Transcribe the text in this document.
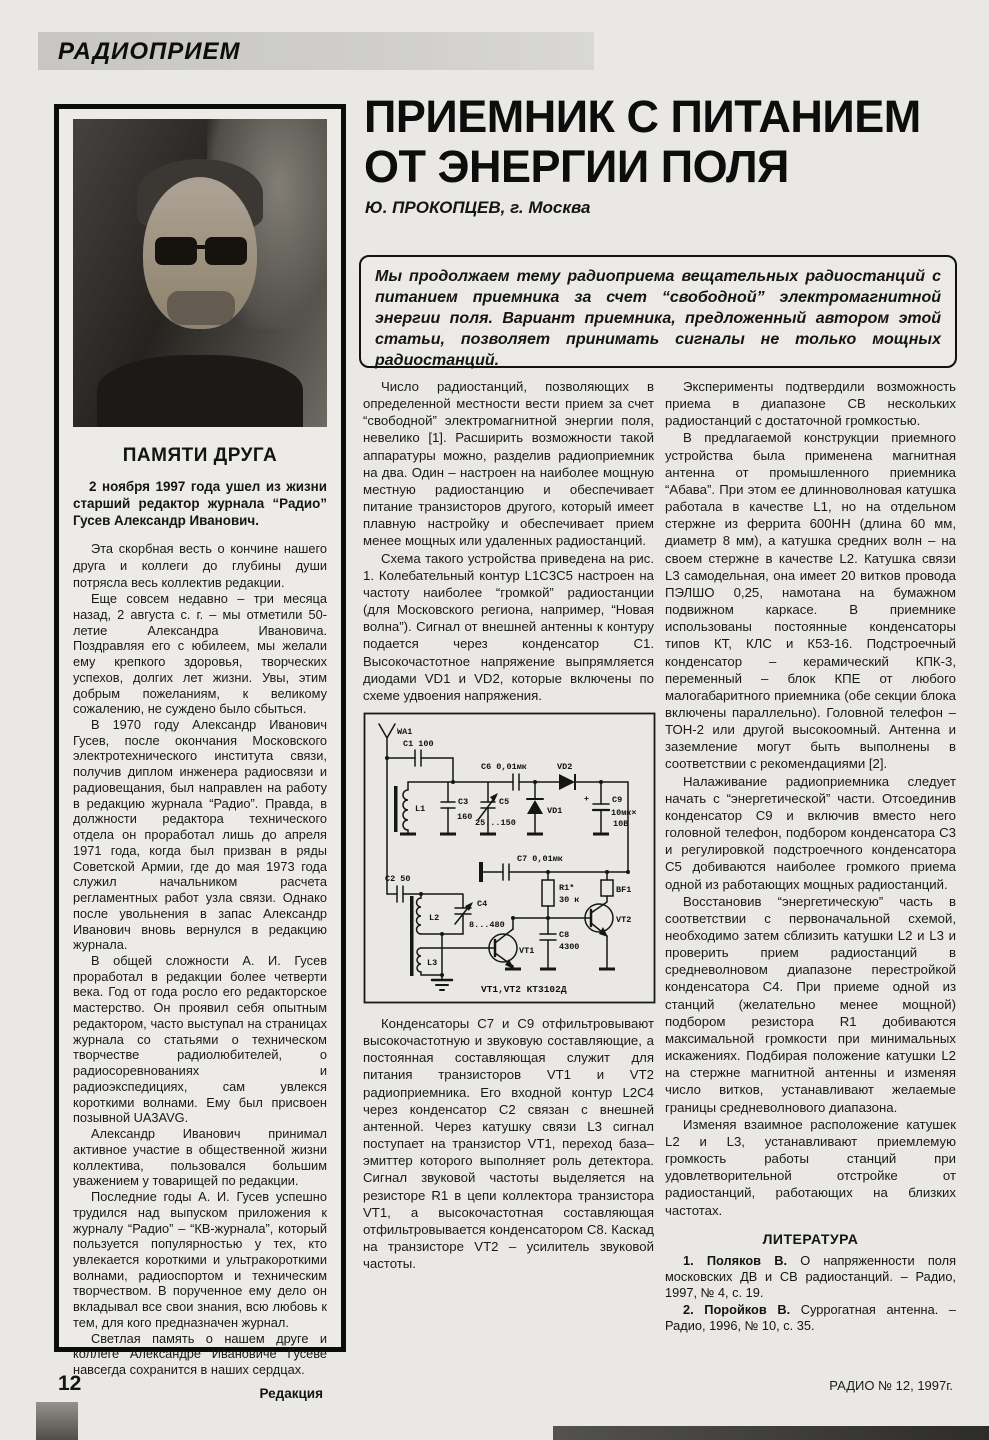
РАДИОПРИЕМ
ПАМЯТИ ДРУГА

2 ноября 1997 года ушел из жизни старший редактор журнала “Радио” Гусев Александр Иванович.

Эта скорбная весть о кончине нашего друга и коллеги до глубины души потрясла весь коллектив редакции.

Еще совсем недавно – три месяца назад, 2 августа с. г. – мы отметили 50-летие Александра Ивановича. Поздравляя его с юбилеем, мы желали ему крепкого здоровья, творческих успехов, долгих лет жизни. Увы, этим добрым пожеланиям, к великому сожалению, не суждено было сбыться.

В 1970 году Александр Иванович Гусев, после окончания Московского электротехнического института связи, получив диплом инженера радиосвязи и радиовещания, был направлен на работу в редакцию журнала “Радио”. Правда, в должности редактора технического отдела он проработал лишь до апреля 1971 года, когда был призван в ряды Советской Армии, где до мая 1973 года служил начальником расчета регламентных работ узла связи. Однако после увольнения в запас Александр Иванович вновь вернулся в редакцию журнала.

В общей сложности А. И. Гусев проработал в редакции более четверти века. Год от года росло его редакторское мастерство. Он проявил себя опытным редактором, часто выступал на страницах журнала со статьями о техническом творчестве радиолюбителей, о радиосоревнованиях и радиоэкспедициях, сам увлекся короткими волнами. Ему был присвоен позывной UA3AVG.

Александр Иванович принимал активное участие в общественной жизни коллектива, пользовался большим уважением у товарищей по редакции.

Последние годы А. И. Гусев успешно трудился над выпуском приложения к журналу “Радио” – “КВ-журнала”, который пользуется популярностью у тех, кто увлекается короткими и ультракороткими волнами, радиоспортом и техническим творчеством. В порученное ему дело он вкладывал все свои знания, всю любовь к тем, для кого предназначен журнал.

Светлая память о нашем друге и коллеге Александре Ивановиче Гусеве навсегда сохранится в наших сердцах.

Редакция
ПРИЕМНИК С ПИТАНИЕМ
ОТ ЭНЕРГИИ ПОЛЯ
Ю. ПРОКОПЦЕВ, г. Москва

Мы продолжаем тему радиоприема вещательных радиостанций с питанием приемника за счет “свободной” электромагнитной энергии поля. Вариант приемника, предложенный автором этой статьи, позволяет принимать сигналы не только мощных радиостанций.

Число радиостанций, позволяющих в определенной местности вести прием за счет “свободной” электромагнитной энергии поля, невелико [1]. Расширить возможности такой аппаратуры можно, разделив радиоприемник на два. Один – настроен на наиболее мощную местную радиостанцию и обеспечивает питание транзисторов другого, который имеет плавную настройку и обеспечивает прием менее мощных или удаленных радиостанций.

Схема такого устройства приведена на рис. 1. Колебательный контур L1C3C5 настроен на частоту наиболее “громкой” радиостанции (для Московского региона, например, “Новая волна”). Сигнал от внешней антенны к контуру подается через конденсатор C1. Высокочастотное напряжение выпрямляется диодами VD1 и VD2, которые включены по схеме удвоения напряжения.

WA1
C1 100
L1
C3
160
C5
25...150
C6 0,01мк
VD1
VD2
+	C9
10мк×
10В
C2 50
C7 0,01мк
R1*
30 к
C8
4300
L2
C4
8...480
L3
VT1
VT2
BF1
VT1,VT2 КТ3102Д

Конденсаторы C7 и C9 отфильтровывают высокочастотную и звуковую составляющие, а постоянная составляющая служит для питания транзисторов VT1 и VT2 радиоприемника. Его входной контур L2C4 через конденсатор C2 связан с внешней антенной. Через катушку связи L3 сигнал поступает на транзистор VT1, переход база–эмиттер которого выполняет роль детектора. Сигнал звуковой частоты выделяется на резисторе R1 в цепи коллектора транзистора VT1, а высокочастотная составляющая отфильтровывается конденсатором C8. Каскад на транзисторе VT2 – усилитель звуковой частоты.

Эксперименты подтвердили возможность приема в диапазоне СВ нескольких радиостанций с достаточной громкостью.

В предлагаемой конструкции приемного устройства была применена магнитная антенна от промышленного приемника “Абава”. При этом ее длинноволновая катушка работала в качестве L1, но на отдельном стержне из феррита 600НН (длина 60 мм, диаметр 8 мм), а катушка средних волн – на своем стержне в качестве L2. Катушка связи L3 самодельная, она имеет 20 витков провода ПЭЛШО 0,25, намотана на бумажном подвижном каркасе. В приемнике использованы постоянные конденсаторы типов КТ, КЛС и К53-16. Подстроечный конденсатор – керамический КПК-3, переменный – блок КПЕ от любого малогабаритного приемника (обе секции блока включены параллельно). Головной телефон – ТОН-2 или другой высокоомный. Антенна и заземление могут быть выполнены в соответствии с рекомендациями [2].

Налаживание радиоприемника следует начать с “энергетической” части. Отсоединив конденсатор C9 и включив вместо него головной телефон, подбором конденсатора C3 и регулировкой подстроечного конденсатора C5 добиваются наиболее громкого приема одной из работающих мощных радиостанций.

Восстановив “энергетическую” часть в соответствии с первоначальной схемой, необходимо затем сблизить катушки L2 и L3 и проверить прием радиостанций в средневолновом диапазоне перестройкой конденсатора C4. При приеме одной из станций (желательно менее мощной) подбором резистора R1 добиваются максимальной громкости при минимальных искажениях. Подбирая положение катушки L2 на стержне магнитной антенны и изменяя число витков, устанавливают желаемые границы средневолнового диапазона.

Изменяя взаимное расположение катушек L2 и L3, устанавливают приемлемую громкость работы станций при удовлетворительной отстройке от радиостанций, работающих на близких частотах.

ЛИТЕРАТУРА

1. Поляков В. О напряженности поля московских ДВ и СВ радиостанций. – Радио, 1997, № 4, с. 19.

2. Поройков В. Суррогатная антенна. – Радио, 1996, № 10, с. 35.

12	РАДИО № 12, 1997г.
